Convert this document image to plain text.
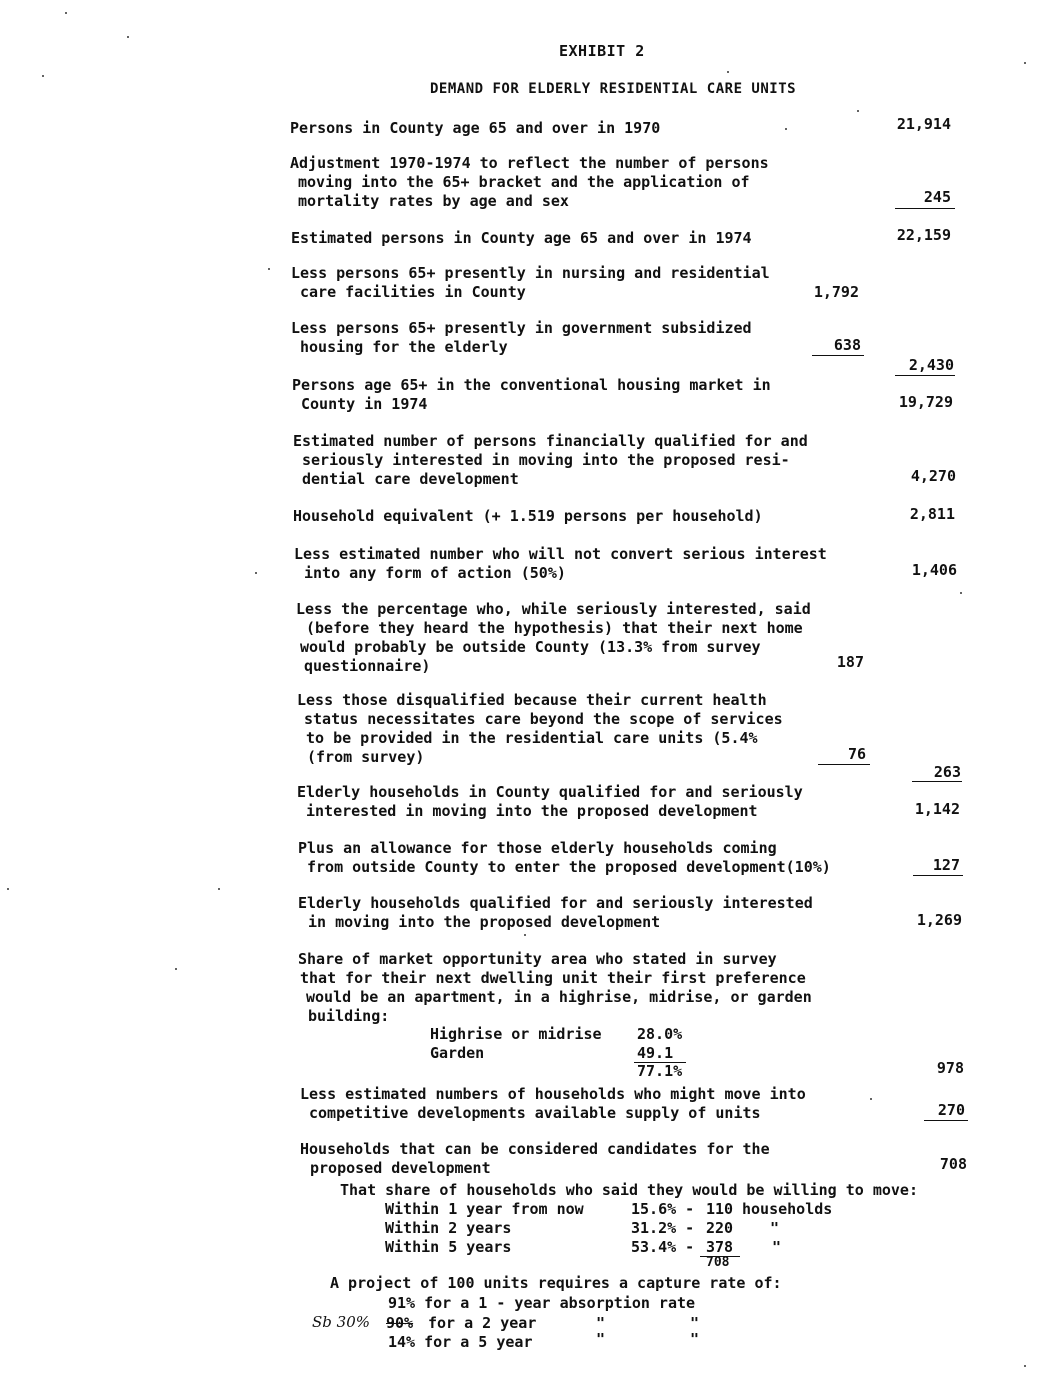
EXHIBIT 2
DEMAND FOR ELDERLY RESIDENTIAL CARE UNITS
Persons in County age 65 and over in 1970	21,914
Adjustment 1970-1974 to reflect the number of persons
moving into the 65+ bracket and the application of
mortality rates by age and sex	245
Estimated persons in County age 65 and over in 1974	22,159
Less persons 65+ presently in nursing and residential
care facilities in County	1,792
Less persons 65+ presently in government subsidized
housing for the elderly	638
2,430
Persons age 65+ in the conventional housing market in
County in 1974	19,729
Estimated number of persons financially qualified for and
seriously interested in moving into the proposed resi-
dential care development	4,270
Household equivalent (+ 1.519 persons per household)	2,811
Less estimated number who will not convert serious interest
into any form of action (50%)	1,406
Less the percentage who, while seriously interested, said
(before they heard the hypothesis) that their next home
would probably be outside County (13.3% from survey
questionnaire)	187
Less those disqualified because their current health
status necessitates care beyond the scope of services
to be provided in the residential care units (5.4%
(from survey)	76
263
Elderly households in County qualified for and seriously
interested in moving into the proposed development	1,142
Plus an allowance for those elderly households coming
from outside County to enter the proposed development(10%)	127
Elderly households qualified for and seriously interested
in moving into the proposed development	1,269
Share of market opportunity area who stated in survey
that for their next dwelling unit their first preference
would be an apartment, in a highrise, midrise, or garden
building:
Highrise or midrise 28.0%
Garden	49.1
77.1%	978
Less estimated numbers of households who might move into
competitive developments available supply of units	270
Households that can be considered candidates for the
proposed development	708
That share of households who said they would be willing to move:
Within 1 year from now	15.6% - 110 households
Within 2 years	31.2% - 220 "
Within 5 years	53.4% - 378	"
708
A project of 100 units requires a capture rate of:
91% for a 1 - year absorption rate
Sb 30% 90% for a 2 year	"	"
14% for a 5 year	"	"
